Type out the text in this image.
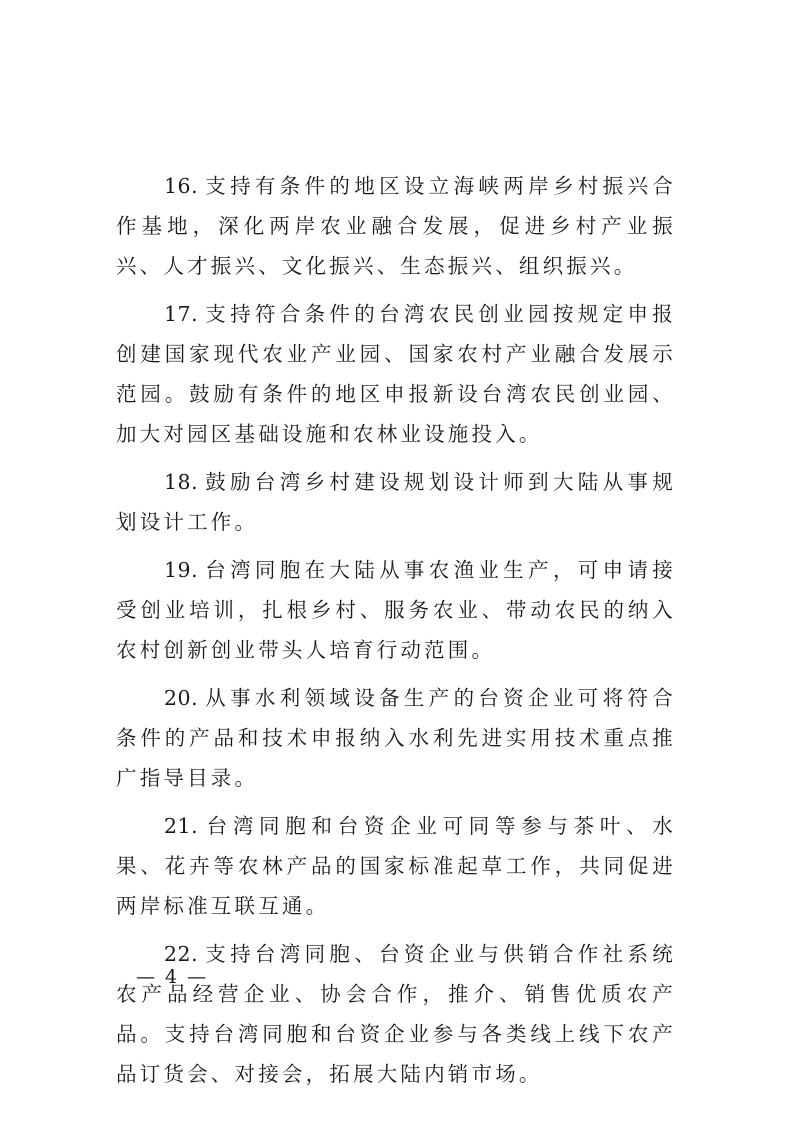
16. 支持有条件的地区设立海峡两岸乡村振兴合作基地，深化两岸农业融合发展，促进乡村产业振兴、人才振兴、文化振兴、生态振兴、组织振兴。

17. 支持符合条件的台湾农民创业园按规定申报创建国家现代农业产业园、国家农村产业融合发展示范园。鼓励有条件的地区申报新设台湾农民创业园、加大对园区基础设施和农林业设施投入。

18. 鼓励台湾乡村建设规划设计师到大陆从事规划设计工作。

19. 台湾同胞在大陆从事农渔业生产，可申请接受创业培训，扎根乡村、服务农业、带动农民的纳入农村创新创业带头人培育行动范围。

20. 从事水利领域设备生产的台资企业可将符合条件的产品和技术申报纳入水利先进实用技术重点推广指导目录。

21. 台湾同胞和台资企业可同等参与茶叶、水果、花卉等农林产品的国家标准起草工作，共同促进两岸标准互联互通。

22. 支持台湾同胞、台资企业与供销合作社系统农产品经营企业、协会合作，推介、销售优质农产品。支持台湾同胞和台资企业参与各类线上线下农产品订货会、对接会，拓展大陆内销市场。

— 4 —
